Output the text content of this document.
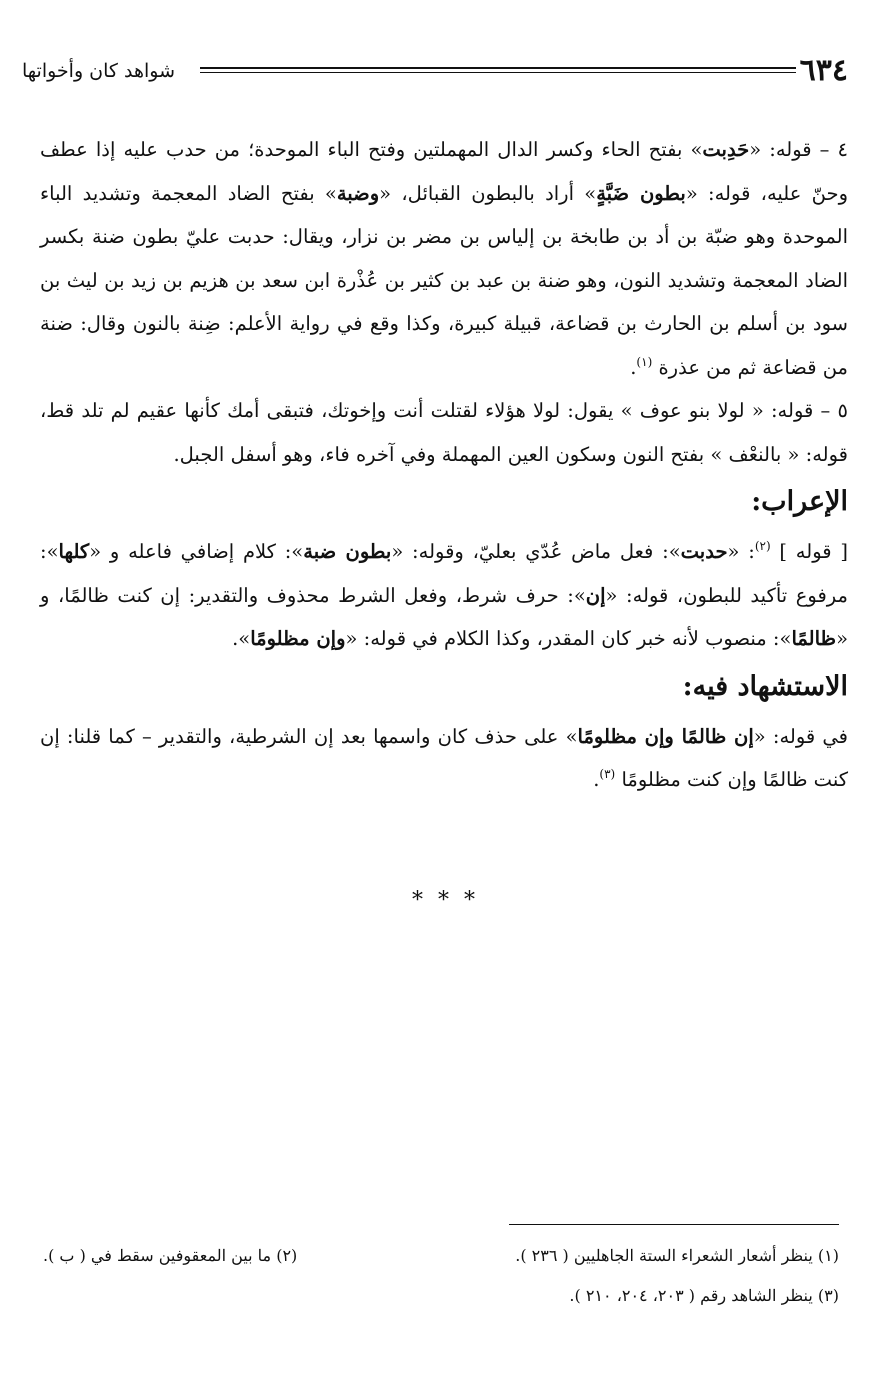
٦٣٤
شواهد كان وأخواتها

٤ – قوله: «حَدِبت» بفتح الحاء وكسر الدال المهملتين وفتح الباء الموحدة؛ من حدب عليه إذا عطف وحنّ عليه، قوله: «بطون ضَبَّةٍ» أراد بالبطون القبائل، «وضبة» بفتح الضاد المعجمة وتشديد الباء الموحدة وهو ضبّة بن أد بن طابخة بن إلياس بن مضر بن نزار، ويقال: حدبت عليّ بطون ضنة بكسر الضاد المعجمة وتشديد النون، وهو ضنة بن عبد بن كثير بن عُذْرة ابن سعد بن هزيم بن زيد بن ليث بن سود بن أسلم بن الحارث بن قضاعة، قبيلة كبيرة، وكذا وقع في رواية الأعلم: ضِنة بالنون وقال: ضنة من قضاعة ثم من عذرة $^{(١)}$.

٥ – قوله: « لولا بنو عوف » يقول: لولا هؤلاء لقتلت أنت وإخوتك، فتبقى أمك كأنها عقيم لم تلد قط، قوله: « بالنعْف » بفتح النون وسكون العين المهملة وفي آخره فاء، وهو أسفل الجبل.

الإعراب:

[ قوله ] $^{(٢)}$: «حدبت»: فعل ماض عُدّي بعليّ، وقوله: «بطون ضبة»: كلام إضافي فاعله و «كلها»: مرفوع تأكيد للبطون، قوله: «إن»: حرف شرط، وفعل الشرط محذوف والتقدير: إن كنت ظالمًا، و «ظالمًا»: منصوب لأنه خبر كان المقدر، وكذا الكلام في قوله: «وإن مظلومًا».

الاستشهاد فيه:

في قوله: «إن ظالمًا وإن مظلومًا» على حذف كان واسمها بعد إن الشرطية، والتقدير – كما قلنا: إن كنت ظالمًا وإن كنت مظلومًا $^{(٣)}$.

* * *
(١) ينظر أشعار الشعراء الستة الجاهليين ( ٢٣٦ ).
(٢) ما بين المعقوفين سقط في ( ب ).
(٣) ينظر الشاهد رقم ( ٢٠٣، ٢٠٤، ٢١٠ ).
